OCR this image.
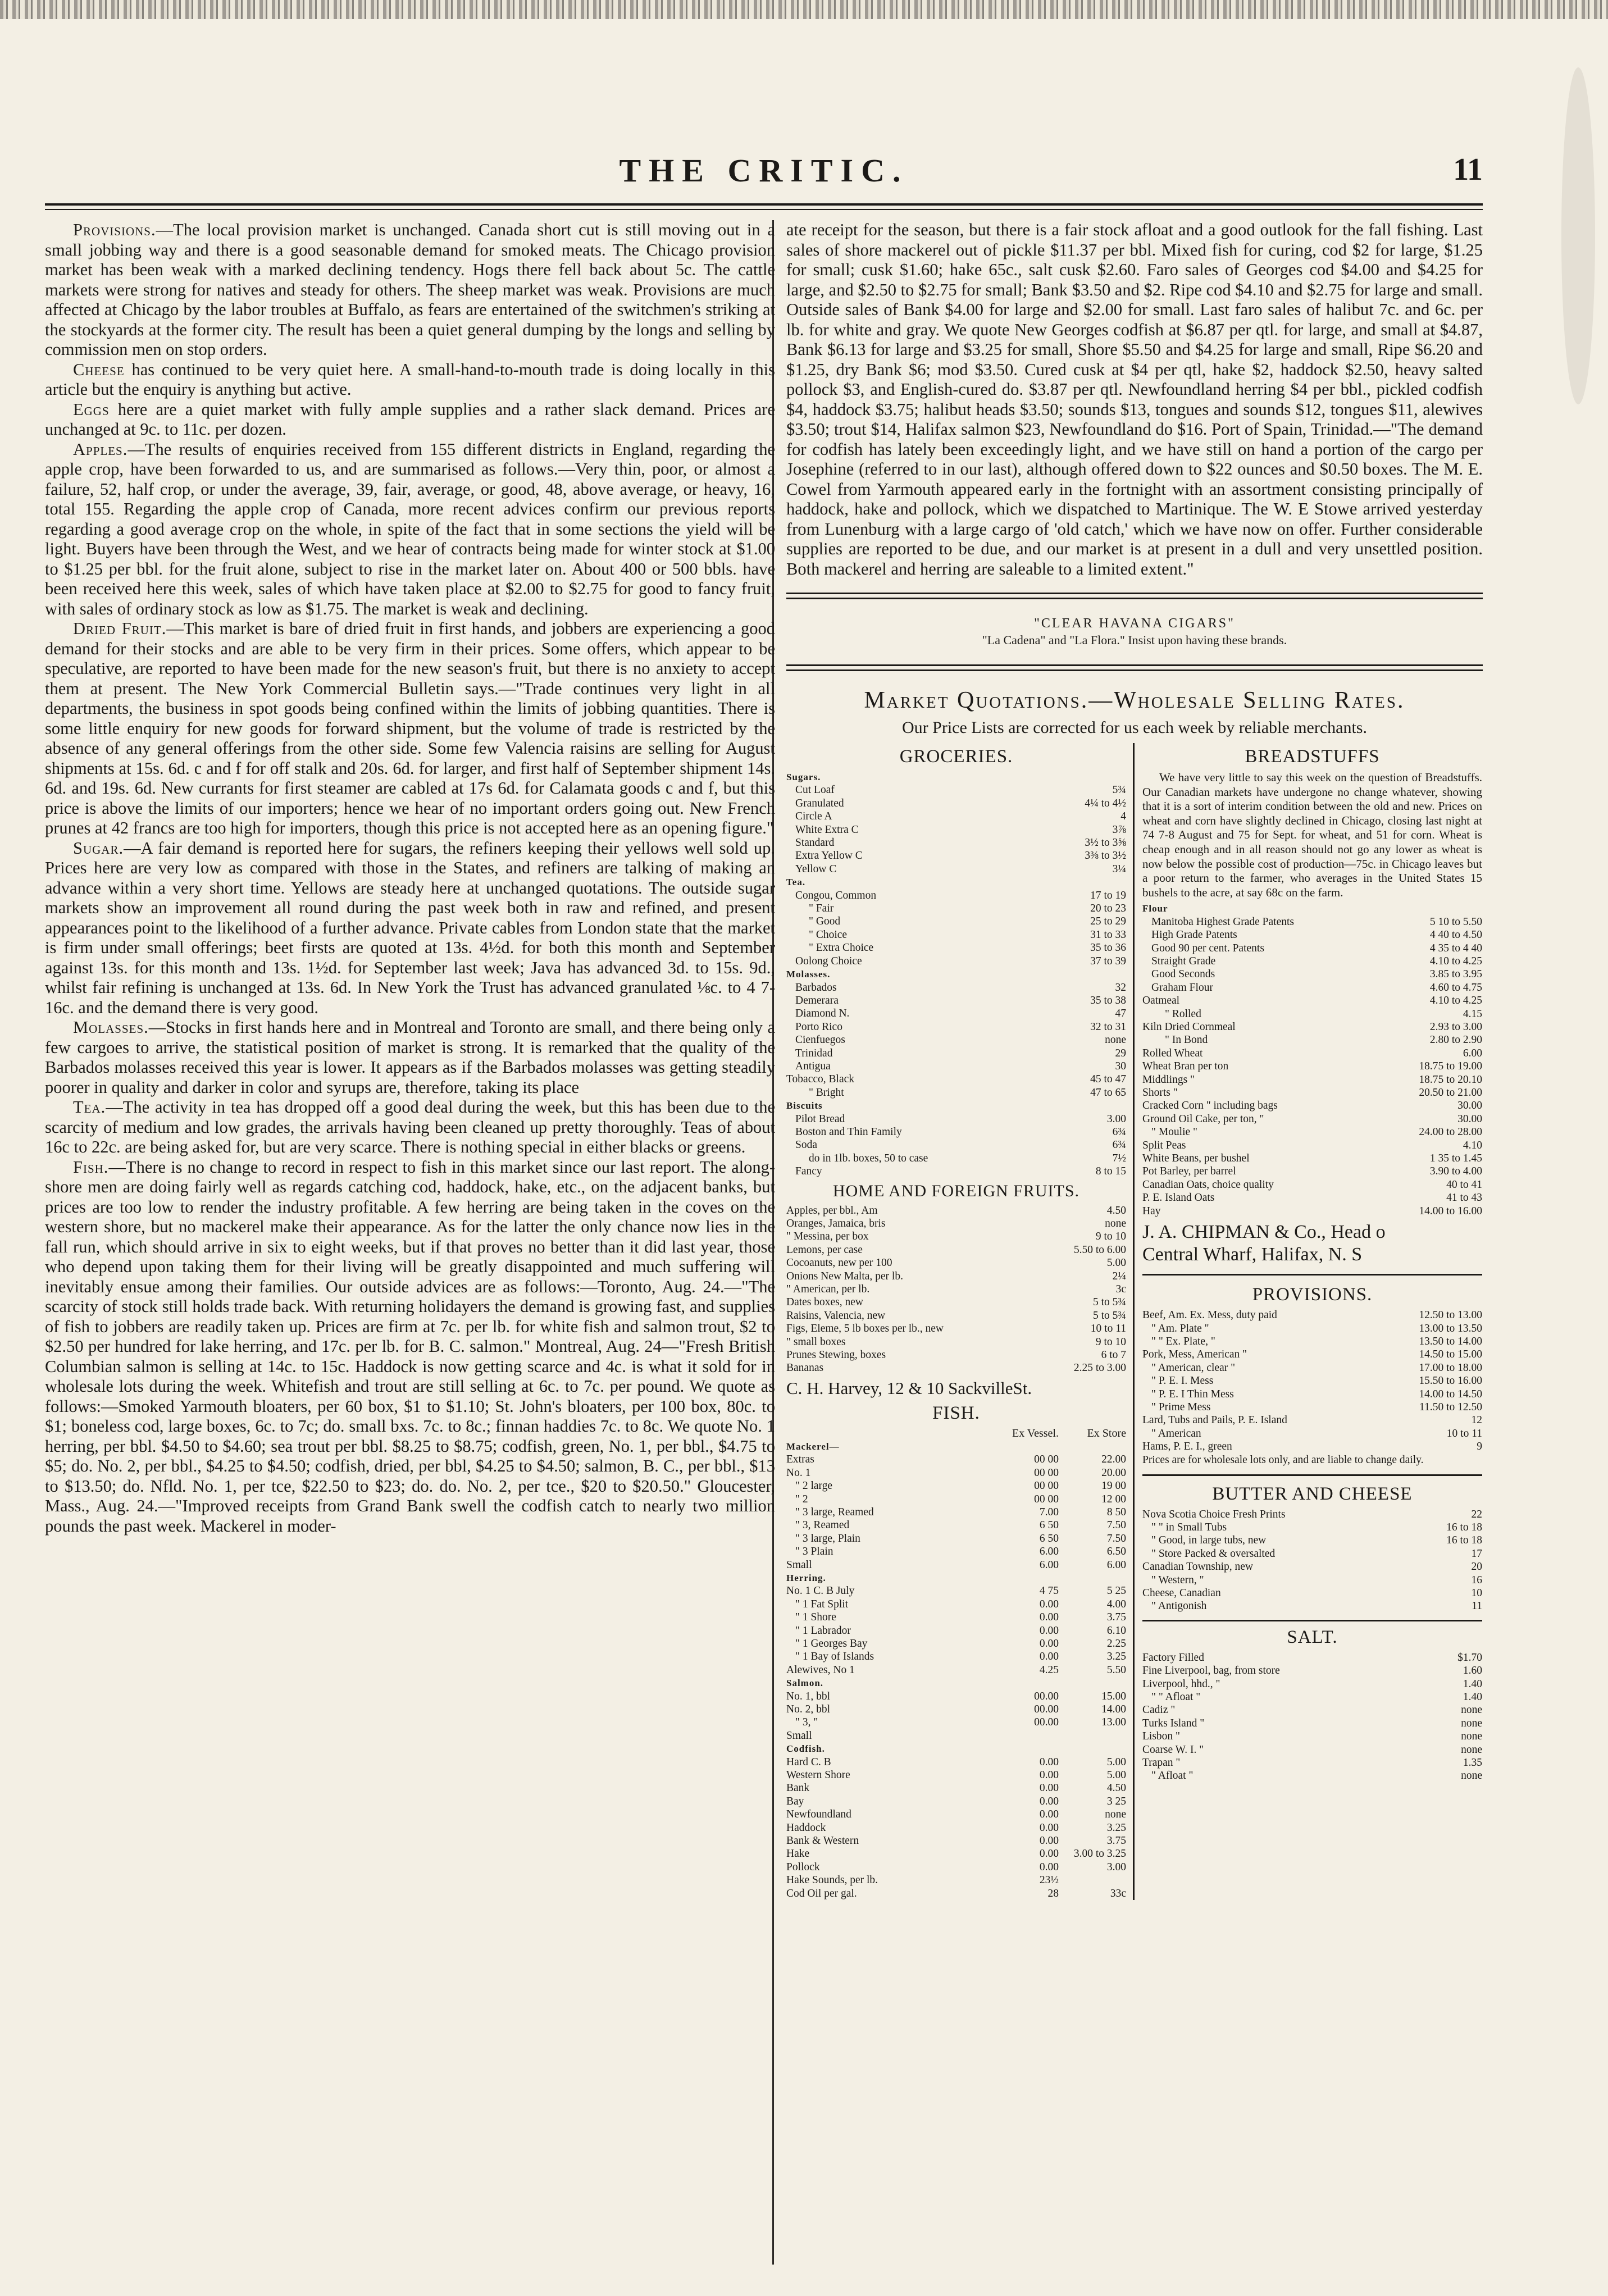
THE CRITIC.	11

Provisions.—The local provision market is unchanged. Canada short cut is still moving out in a small jobbing way and there is a good seasonable demand for smoked meats. The Chicago provision market has been weak with a marked declining tendency. Hogs there fell back about 5c. The cattle markets were strong for natives and steady for others. The sheep market was weak. Provisions are much affected at Chicago by the labor troubles at Buffalo, as fears are entertained of the switchmen's striking at the stockyards at the former city. The result has been a quiet general dumping by the longs and selling by commission men on stop orders.

Cheese has continued to be very quiet here. A small-hand-to-mouth trade is doing locally in this article but the enquiry is anything but active.

Eggs here are a quiet market with fully ample supplies and a rather slack demand. Prices are unchanged at 9c. to 11c. per dozen.

Apples.—The results of enquiries received from 155 different districts in England, regarding the apple crop, have been forwarded to us, and are summarised as follows.—Very thin, poor, or almost a failure, 52, half crop, or under the average, 39, fair, average, or good, 48, above average, or heavy, 16, total 155. Regarding the apple crop of Canada, more recent advices confirm our previous reports regarding a good average crop on the whole, in spite of the fact that in some sections the yield will be light. Buyers have been through the West, and we hear of contracts being made for winter stock at $1.00 to $1.25 per bbl. for the fruit alone, subject to rise in the market later on. About 400 or 500 bbls. have been received here this week, sales of which have taken place at $2.00 to $2.75 for good to fancy fruit, with sales of ordinary stock as low as $1.75. The market is weak and declining.

Dried Fruit.—This market is bare of dried fruit in first hands, and jobbers are experiencing a good demand for their stocks and are able to be very firm in their prices. Some offers, which appear to be speculative, are reported to have been made for the new season's fruit, but there is no anxiety to accept them at present. The New York Commercial Bulletin says.—"Trade continues very light in all departments, the business in spot goods being confined within the limits of jobbing quantities. There is some little enquiry for new goods for forward shipment, but the volume of trade is restricted by the absence of any general offerings from the other side. Some few Valencia raisins are selling for August shipments at 15s. 6d. c and f for off stalk and 20s. 6d. for larger, and first half of September shipment 14s. 6d. and 19s. 6d. New currants for first steamer are cabled at 17s 6d. for Calamata goods c and f, but this price is above the limits of our importers; hence we hear of no important orders going out. New French prunes at 42 francs are too high for importers, though this price is not accepted here as an opening figure."

Sugar.—A fair demand is reported here for sugars, the refiners keeping their yellows well sold up. Prices here are very low as compared with those in the States, and refiners are talking of making an advance within a very short time. Yellows are steady here at unchanged quotations. The outside sugar markets show an improvement all round during the past week both in raw and refined, and present appearances point to the likelihood of a further advance. Private cables from London state that the market is firm under small offerings; beet firsts are quoted at 13s. 4½d. for both this month and September against 13s. for this month and 13s. 1½d. for September last week; Java has advanced 3d. to 15s. 9d., whilst fair refining is unchanged at 13s. 6d. In New York the Trust has advanced granulated ⅛c. to 4 7-16c. and the demand there is very good.

Molasses.—Stocks in first hands here and in Montreal and Toronto are small, and there being only a few cargoes to arrive, the statistical position of market is strong. It is remarked that the quality of the Barbados molasses received this year is lower. It appears as if the Barbados molasses was getting steadily poorer in quality and darker in color and syrups are, therefore, taking its place

Tea.—The activity in tea has dropped off a good deal during the week, but this has been due to the scarcity of medium and low grades, the arrivals having been cleaned up pretty thoroughly. Teas of about 16c to 22c. are being asked for, but are very scarce. There is nothing special in either blacks or greens.

Fish.—There is no change to record in respect to fish in this market since our last report. The along-shore men are doing fairly well as regards catching cod, haddock, hake, etc., on the adjacent banks, but prices are too low to render the industry profitable. A few herring are being taken in the coves on the western shore, but no mackerel make their appearance. As for the latter the only chance now lies in the fall run, which should arrive in six to eight weeks, but if that proves no better than it did last year, those who depend upon taking them for their living will be greatly disappointed and much suffering will inevitably ensue among their families. Our outside advices are as follows:—Toronto, Aug. 24.—"The scarcity of stock still holds trade back. With returning holidayers the demand is growing fast, and supplies of fish to jobbers are readily taken up. Prices are firm at 7c. per lb. for white fish and salmon trout, $2 to $2.50 per hundred for lake herring, and 17c. per lb. for B. C. salmon." Montreal, Aug. 24—"Fresh British Columbian salmon is selling at 14c. to 15c. Haddock is now getting scarce and 4c. is what it sold for in wholesale lots during the week. Whitefish and trout are still selling at 6c. to 7c. per pound. We quote as follows:—Smoked Yarmouth bloaters, per 60 box, $1 to $1.10; St. John's bloaters, per 100 box, 80c. to $1; boneless cod, large boxes, 6c. to 7c; do. small bxs. 7c. to 8c.; finnan haddies 7c. to 8c. We quote No. 1 herring, per bbl. $4.50 to $4.60; sea trout per bbl. $8.25 to $8.75; codfish, green, No. 1, per bbl., $4.75 to $5; do. No. 2, per bbl., $4.25 to $4.50; codfish, dried, per bbl, $4.25 to $4.50; salmon, B. C., per bbl., $13 to $13.50; do. Nfld. No. 1, per tce, $22.50 to $23; do. do. No. 2, per tce., $20 to $20.50." Gloucester, Mass., Aug. 24.—"Improved receipts from Grand Bank swell the codfish catch to nearly two million pounds the past week. Mackerel in moder-

ate receipt for the season, but there is a fair stock afloat and a good outlook for the fall fishing. Last sales of shore mackerel out of pickle $11.37 per bbl. Mixed fish for curing, cod $2 for large, $1.25 for small; cusk $1.60; hake 65c., salt cusk $2.60. Faro sales of Georges cod $4.00 and $4.25 for large, and $2.50 to $2.75 for small; Bank $3.50 and $2. Ripe cod $4.10 and $2.75 for large and small. Outside sales of Bank $4.00 for large and $2.00 for small. Last faro sales of halibut 7c. and 6c. per lb. for white and gray. We quote New Georges codfish at $6.87 per qtl. for large, and small at $4.87, Bank $6.13 for large and $3.25 for small, Shore $5.50 and $4.25 for large and small, Ripe $6.20 and $1.25, dry Bank $6; mod $3.50. Cured cusk at $4 per qtl, hake $2, haddock $2.50, heavy salted pollock $3, and English-cured do. $3.87 per qtl. Newfoundland herring $4 per bbl., pickled codfish $4, haddock $3.75; halibut heads $3.50; sounds $13, tongues and sounds $12, tongues $11, alewives $3.50; trout $14, Halifax salmon $23, Newfoundland do $16. Port of Spain, Trinidad.—"The demand for codfish has lately been exceedingly light, and we have still on hand a portion of the cargo per Josephine (referred to in our last), although offered down to $22 ounces and $0.50 boxes. The M. E. Cowel from Yarmouth appeared early in the fortnight with an assortment consisting principally of haddock, hake and pollock, which we dispatched to Martinique. The W. E Stowe arrived yesterday from Lunenburg with a large cargo of 'old catch,' which we have now on offer. Further considerable supplies are reported to be due, and our market is at present in a dull and very unsettled position. Both mackerel and herring are saleable to a limited extent."

"CLEAR HAVANA CIGARS"
"La Cadena" and "La Flora." Insist upon having these brands.

Market Quotations.—Wholesale Selling Rates.
Our Price Lists are corrected for us each week by reliable merchants.
GROCERIES.
Sugars.
Cut Loaf	5¾
Granulated	4¼ to 4½
Circle A	4
White Extra C	3⅞
Standard	3½ to 3⅝
Extra Yellow C	3⅜ to 3½
Yellow C	3¼
Tea.
Congou, Common	17 to 19
" Fair	20 to 23
" Good	25 to 29
" Choice	31 to 33
" Extra Choice	35 to 36
Oolong Choice	37 to 39
Molasses.
Barbados	32
Demerara	35 to 38
Diamond N.	47
Porto Rico	32 to 31
Cienfuegos	none
Trinidad	29
Antigua	30
Tobacco, Black	45 to 47
" Bright	47 to 65
Biscuits
Pilot Bread	3.00
Boston and Thin Family	6¾
Soda	6¾
do in 1lb. boxes, 50 to case	7½
Fancy	8 to 15
HOME AND FOREIGN FRUITS.
Apples, per bbl., Am	4.50
Oranges, Jamaica, bris	none
" Messina, per box	9 to 10
Lemons, per case	5.50 to 6.00
Cocoanuts, new per 100	5.00
Onions New Malta, per lb.	2¼
" American, per lb.	3c
Dates boxes, new	5 to 5¾
Raisins, Valencia, new	5 to 5¾
Figs, Eleme, 5 lb boxes per lb., new	10 to 11
" small boxes	9 to 10
Prunes Stewing, boxes	6 to 7
Bananas	2.25 to 3.00
C. H. Harvey, 12 & 10 SackvilleSt.
FISH.
Ex Vessel.	Ex Store
Mackerel—
Extras	00 00	22.00
No. 1	00 00	20.00
" 2 large	00 00	19 00
" 2	00 00	12 00
" 3 large, Reamed	7.00	8 50
" 3, Reamed	6 50	7.50
" 3 large, Plain	6 50	7.50
" 3 Plain	6.00	6.50
Small	6.00	6.00
Herring.
No. 1 C. B July	4 75	5 25
" 1 Fat Split	0.00	4.00
" 1 Shore	0.00	3.75
" 1 Labrador	0.00	6.10
" 1 Georges Bay	0.00	2.25
" 1 Bay of Islands	0.00	3.25
Alewives, No 1	4.25	5.50
Salmon.
No. 1, bbl	00.00	15.00
No. 2, bbl	00.00	14.00
" 3, "	00.00	13.00
Small
Codfish.
Hard C. B	0.00	5.00
Western Shore	0.00	5.00
Bank	0.00	4.50
Bay	0.00	3 25
Newfoundland	0.00	none
Haddock	0.00	3.25
Bank & Western	0.00	3.75
Hake	0.00	3.00 to 3.25
Pollock	0.00	3.00
Hake Sounds, per lb.	23½
Cod Oil per gal.	28	33c
BREADSTUFFS

We have very little to say this week on the question of Breadstuffs. Our Canadian markets have undergone no change whatever, showing that it is a sort of interim condition between the old and new. Prices on wheat and corn have slightly declined in Chicago, closing last night at 74 7-8 August and 75 for Sept. for wheat, and 51 for corn. Wheat is cheap enough and in all reason should not go any lower as wheat is now below the possible cost of production—75c. in Chicago leaves but a poor return to the farmer, who averages in the United States 15 bushels to the acre, at say 68c on the farm.

Flour
Manitoba Highest Grade Patents	5 10 to 5.50
High Grade Patents	4 40 to 4.50
Good 90 per cent. Patents	4 35 to 4 40
Straight Grade	4.10 to 4.25
Good Seconds	3.85 to 3.95
Graham Flour	4.60 to 4.75
Oatmeal	4.10 to 4.25
" Rolled	4.15
Kiln Dried Cornmeal	2.93 to 3.00
" In Bond	2.80 to 2.90
Rolled Wheat	6.00
Wheat Bran per ton	18.75 to 19.00
Middlings "	18.75 to 20.10
Shorts "	20.50 to 21.00
Cracked Corn " including bags	30.00
Ground Oil Cake, per ton, "	30.00
" Moulie "	24.00 to 28.00
Split Peas	4.10
White Beans, per bushel	1 35 to 1.45
Pot Barley, per barrel	3.90 to 4.00
Canadian Oats, choice quality	40 to 41
P. E. Island Oats	41 to 43
Hay	14.00 to 16.00
J. A. CHIPMAN & Co., Head o
Central Wharf, Halifax, N. S
PROVISIONS.
Beef, Am. Ex. Mess, duty paid	12.50 to 13.00
" Am. Plate "	13.00 to 13.50
" " Ex. Plate, "	13.50 to 14.00
Pork, Mess, American "	14.50 to 15.00
" American, clear "	17.00 to 18.00
" P. E. I. Mess	15.50 to 16.00
" P. E. I Thin Mess	14.00 to 14.50
" Prime Mess	11.50 to 12.50
Lard, Tubs and Pails, P. E. Island	12
" American	10 to 11
Hams, P. E. I., green	9
Prices are for wholesale lots only, and are liable to change daily.
BUTTER AND CHEESE
Nova Scotia Choice Fresh Prints	22
" " in Small Tubs	16 to 18
" Good, in large tubs, new	16 to 18
" Store Packed & oversalted	17
Canadian Township, new	20
" Western, "	16
Cheese, Canadian	10
" Antigonish	11
SALT.
Factory Filled	$1.70
Fine Liverpool, bag, from store	1.60
Liverpool, hhd., "	1.40
" " Afloat "	1.40
Cadiz "	none
Turks Island "	none
Lisbon "	none
Coarse W. I. "	none
Trapan "	1.35
" Afloat "	none
